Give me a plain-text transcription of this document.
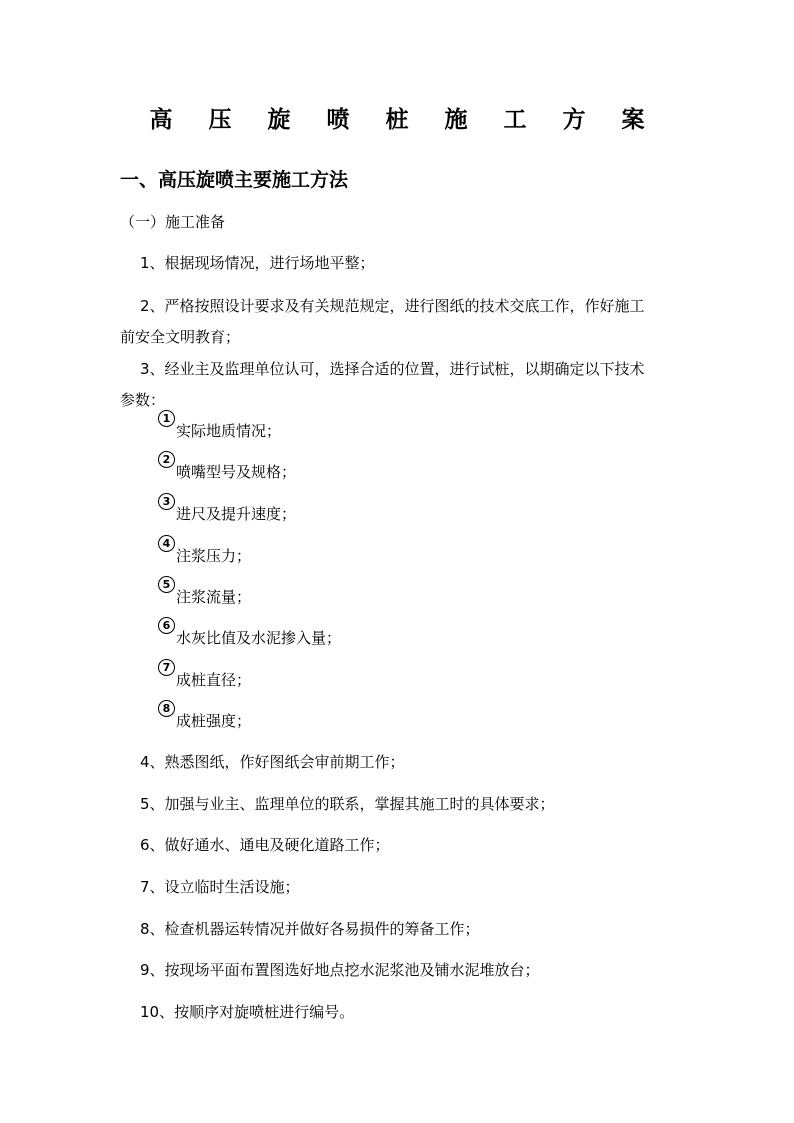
高 压 旋 喷 桩 施 工 方 案
一、高压旋喷主要施工方法
（一）施工准备
1、根据现场情况，进行场地平整；
2、严格按照设计要求及有关规范规定，进行图纸的技术交底工作，作好施工
前安全文明教育；
3、经业主及监理单位认可，选择合适的位置，进行试桩，以期确定以下技术
参数：
1
实际地质情况；
2
喷嘴型号及规格；
3
进尺及提升速度；
4
注浆压力；
5
注浆流量；
6
水灰比值及水泥掺入量；
7
成桩直径；
8
成桩强度；
4、熟悉图纸，作好图纸会审前期工作；
5、加强与业主、监理单位的联系，掌握其施工时的具体要求；
6、做好通水、通电及硬化道路工作；
7、设立临时生活设施；
8、检查机器运转情况并做好各易损件的筹备工作；
9、按现场平面布置图选好地点挖水泥浆池及铺水泥堆放台；
10、按顺序对旋喷桩进行编号。
